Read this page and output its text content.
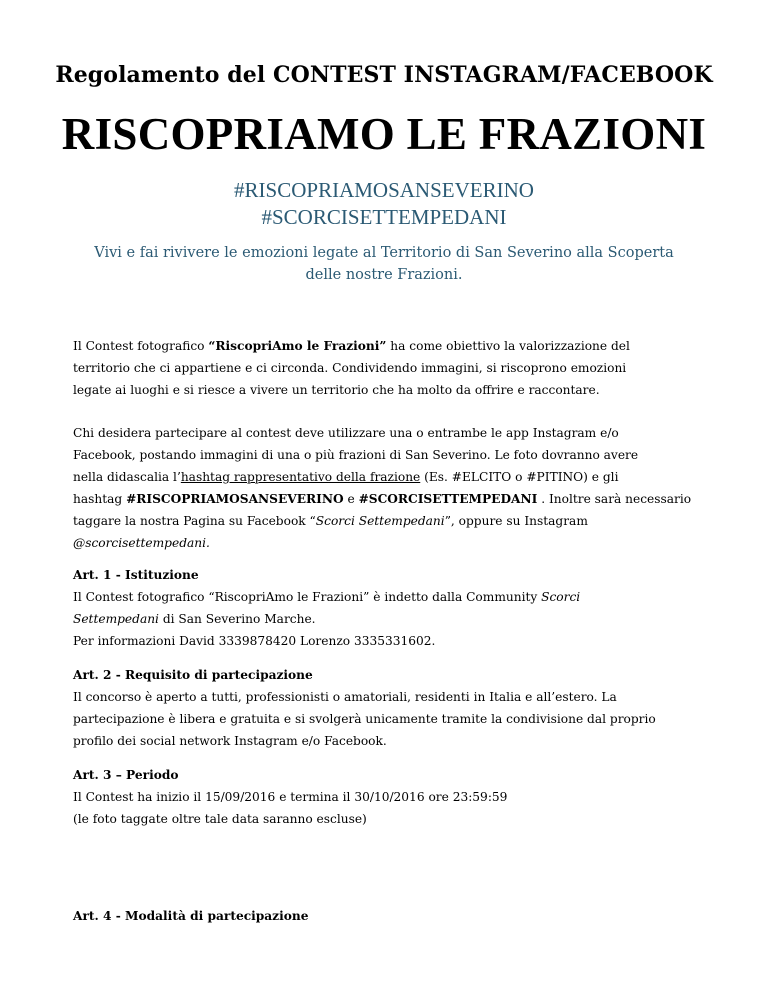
Regolamento del CONTEST INSTAGRAM/FACEBOOK
RISCOPRIAMO LE FRAZIONI
#RISCOPRIAMOSANSEVERINO
#SCORCISETTEMPEDANI
Vivi e fai rivivere le emozioni legate al Territorio di San Severino alla Scoperta
delle nostre Frazioni.
Il Contest fotografico “RiscopriAmo le Frazioni” ha come obiettivo la valorizzazione del
territorio che ci appartiene e ci circonda. Condividendo immagini, si riscoprono emozioni
legate ai luoghi e si riesce a vivere un territorio che ha molto da offrire e raccontare.
Chi desidera partecipare al contest deve utilizzare una o entrambe le app Instagram e/o
Facebook, postando immagini di una o più frazioni di San Severino. Le foto dovranno avere
nella didascalia l’hashtag rappresentativo della frazione (Es. #ELCITO o #PITINO) e gli
hashtag #RISCOPRIAMOSANSEVERINO e #SCORCISETTEMPEDANI . Inoltre sarà necessario
taggare la nostra Pagina su Facebook “Scorci Settempedani”, oppure su Instagram
@scorcisettempedani.
Art. 1 - Istituzione
Il Contest fotografico “RiscopriAmo le Frazioni” è indetto dalla Community Scorci
Settempedani di San Severino Marche.
Per informazioni David 3339878420 Lorenzo 3335331602.
Art. 2 - Requisito di partecipazione
Il concorso è aperto a tutti, professionisti o amatoriali, residenti in Italia e all’estero. La
partecipazione è libera e gratuita e si svolgerà unicamente tramite la condivisione dal proprio
profilo dei social network Instagram e/o Facebook.
Art. 3 – Periodo
Il Contest ha inizio il 15/09/2016 e termina il 30/10/2016 ore 23:59:59
(le foto taggate oltre tale data saranno escluse)
Art. 4 - Modalità di partecipazione
